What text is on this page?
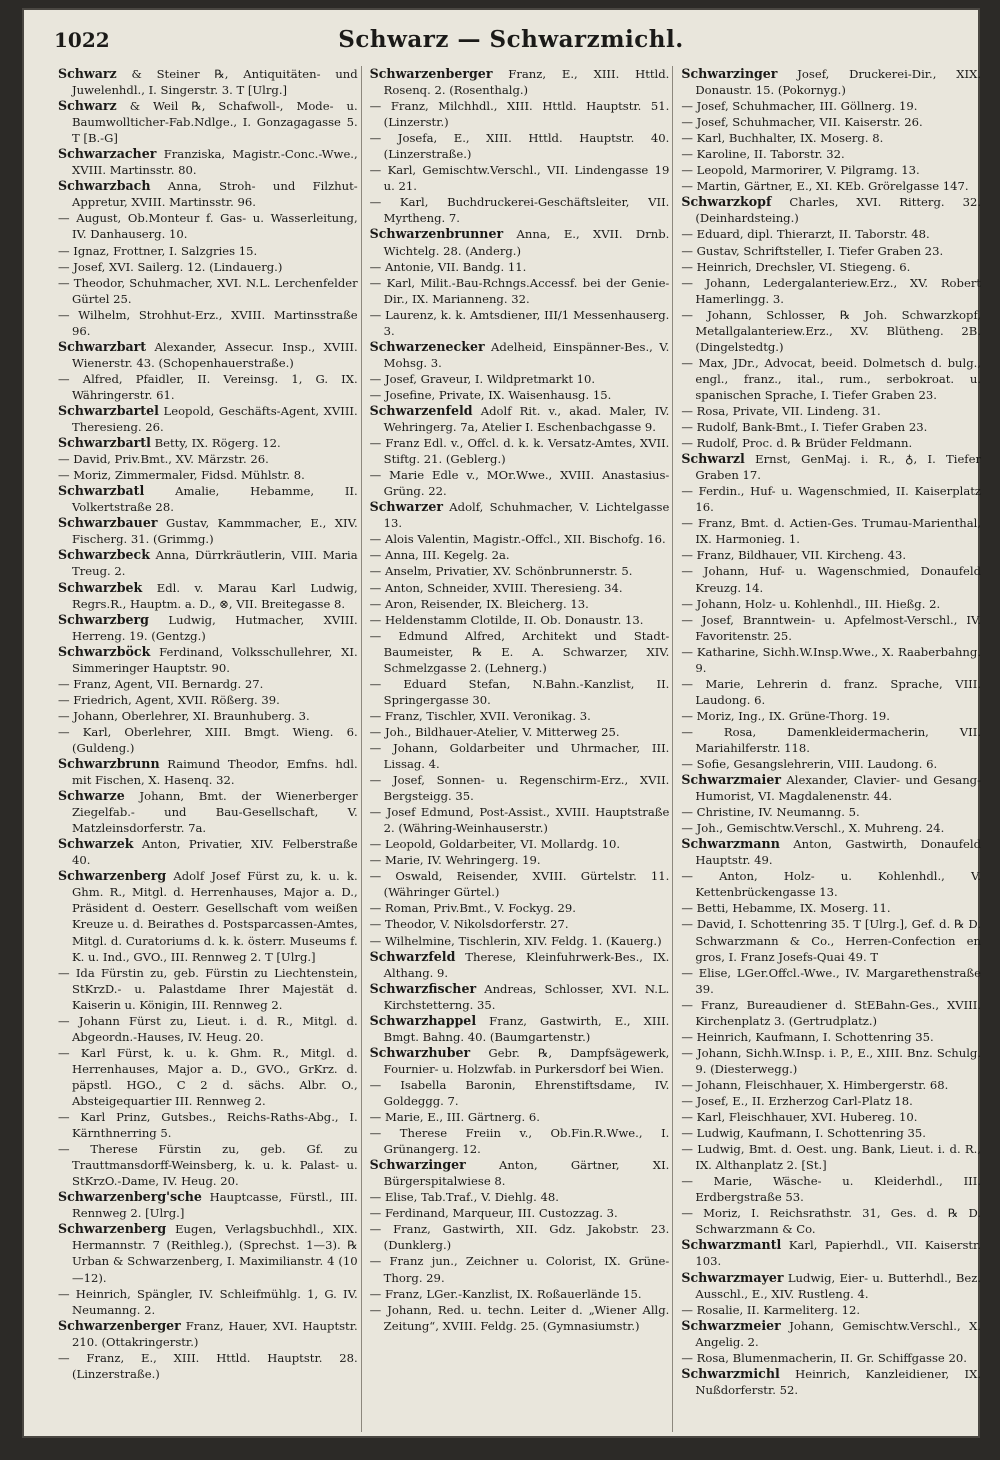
1022	Schwarz — Schwarzmichl.

Schwarz & Steiner ℞, Antiquitäten- und Juwelenhdl., I. Singerstr. 3. T [Ulrg.]

Schwarz & Weil ℞, Schafwoll-, Mode- u. Baumwollticher-Fab.Ndlge., I. Gonzagagasse 5. T [B.-G]

Schwarzacher Franziska, Magistr.-Conc.-Wwe., XVIII. Martinsstr. 80.

Schwarzbach Anna, Stroh- und Filzhut-Appretur, XVIII. Martinsstr. 96.

— August, Ob.Monteur f. Gas- u. Wasserleitung, IV. Danhauserg. 10.

— Ignaz, Frottner, I. Salzgries 15.

— Josef, XVI. Sailerg. 12. (Lindauerg.)

— Theodor, Schuhmacher, XVI. N.L. Lerchenfelder Gürtel 25.

— Wilhelm, Strohhut-Erz., XVIII. Martinsstraße 96.

Schwarzbart Alexander, Assecur. Insp., XVIII. Wienerstr. 43. (Schopenhauerstraße.)

— Alfred, Pfaidler, II. Vereinsg. 1, G. IX. Währingerstr. 61.

Schwarzbartel Leopold, Geschäfts-Agent, XVIII. Theresieng. 26.

Schwarzbartl Betty, IX. Rögerg. 12.

— David, Priv.Bmt., XV. Märzstr. 26.

— Moriz, Zimmermaler, Fidsd. Mühlstr. 8.

Schwarzbatl Amalie, Hebamme, II. Volkertstraße 28.

Schwarzbauer Gustav, Kammmacher, E., XIV. Fischerg. 31. (Grimmg.)

Schwarzbeck Anna, Dürrkräutlerin, VIII. Maria Treug. 2.

Schwarzbek Edl. v. Marau Karl Ludwig, Regrs.R., Hauptm. a. D., ⊗, VII. Breitegasse 8.

Schwarzberg Ludwig, Hutmacher, XVIII. Herreng. 19. (Gentzg.)

Schwarzböck Ferdinand, Volksschullehrer, XI. Simmeringer Hauptstr. 90.

— Franz, Agent, VII. Bernardg. 27.

— Friedrich, Agent, XVII. Rößerg. 39.

— Johann, Oberlehrer, XI. Braunhuberg. 3.

— Karl, Oberlehrer, XIII. Bmgt. Wieng. 6. (Guldeng.)

Schwarzbrunn Raimund Theodor, Emfns. hdl. mit Fischen, X. Hasenq. 32.

Schwarze Johann, Bmt. der Wienerberger Ziegelfab.- und Bau-Gesellschaft, V. Matzleinsdorferstr. 7a.

Schwarzek Anton, Privatier, XIV. Felberstraße 40.

Schwarzenberg Adolf Josef Fürst zu, k. u. k. Ghm. R., Mitgl. d. Herrenhauses, Major a. D., Präsident d. Oesterr. Gesellschaft vom weißen Kreuze u. d. Beirathes d. Postsparcassen-Amtes, Mitgl. d. Curatoriums d. k. k. österr. Museums f. K. u. Ind., GVO., III. Rennweg 2. T [Ulrg.]

— Ida Fürstin zu, geb. Fürstin zu Liechtenstein, StKrzD.- u. Palastdame Ihrer Majestät d. Kaiserin u. Königin, III. Rennweg 2.

— Johann Fürst zu, Lieut. i. d. R., Mitgl. d. Abgeordn.-Hauses, IV. Heug. 20.

— Karl Fürst, k. u. k. Ghm. R., Mitgl. d. Herrenhauses, Major a. D., GVO., GrKrz. d. päpstl. HGO., C 2 d. sächs. Albr. O., Absteigequartier III. Rennweg 2.

— Karl Prinz, Gutsbes., Reichs-Raths-Abg., I. Kärnthnerring 5.

— Therese Fürstin zu, geb. Gf. zu Trauttmansdorff-Weinsberg, k. u. k. Palast- u. StKrzO.-Dame, IV. Heug. 20.

Schwarzenberg'sche Hauptcasse, Fürstl., III. Rennweg 2. [Ulrg.]

Schwarzenberg Eugen, Verlagsbuchhdl., XIX. Hermannstr. 7 (Reithleg.), (Sprechst. 1—3). ℞ Urban & Schwarzenberg, I. Maximilianstr. 4 (10—12).

— Heinrich, Spängler, IV. Schleifmühlg. 1, G. IV. Neumanng. 2.

Schwarzenberger Franz, Hauer, XVI. Hauptstr. 210. (Ottakringerstr.)

— Franz, E., XIII. Httld. Hauptstr. 28. (Linzerstraße.)

Schwarzenberger Franz, E., XIII. Httld. Rosenq. 2. (Rosenthalg.)

— Franz, Milchhdl., XIII. Httld. Hauptstr. 51. (Linzerstr.)

— Josefa, E., XIII. Httld. Hauptstr. 40. (Linzerstraße.)

— Karl, Gemischtw.Verschl., VII. Lindengasse 19 u. 21.

— Karl, Buchdruckerei-Geschäftsleiter, VII. Myrtheng. 7.

Schwarzenbrunner Anna, E., XVII. Drnb. Wichtelg. 28. (Anderg.)

— Antonie, VII. Bandg. 11.

— Karl, Milit.-Bau-Rchngs.Accessf. bei der Genie-Dir., IX. Marianneng. 32.

— Laurenz, k. k. Amtsdiener, III/1 Messenhauserg. 3.

Schwarzenecker Adelheid, Einspänner-Bes., V. Mohsg. 3.

— Josef, Graveur, I. Wildpretmarkt 10.

— Josefine, Private, IX. Waisenhausg. 15.

Schwarzenfeld Adolf Rit. v., akad. Maler, IV. Wehringerg. 7a, Atelier I. Eschenbachgasse 9.

— Franz Edl. v., Offcl. d. k. k. Versatz-Amtes, XVII. Stiftg. 21. (Geblerg.)

— Marie Edle v., MOr.Wwe., XVIII. Anastasius-Grüng. 22.

Schwarzer Adolf, Schuhmacher, V. Lichtelgasse 13.

— Alois Valentin, Magistr.-Offcl., XII. Bischofg. 16.

— Anna, III. Kegelg. 2a.

— Anselm, Privatier, XV. Schönbrunnerstr. 5.

— Anton, Schneider, XVIII. Theresieng. 34.

— Aron, Reisender, IX. Bleicherg. 13.

— Heldenstamm Clotilde, II. Ob. Donaustr. 13.

— Edmund Alfred, Architekt und Stadt-Baumeister, ℞ E. A. Schwarzer, XIV. Schmelzgasse 2. (Lehnerg.)

— Eduard Stefan, N.Bahn.-Kanzlist, II. Springergasse 30.

— Franz, Tischler, XVII. Veronikag. 3.

— Joh., Bildhauer-Atelier, V. Mitterweg 25.

— Johann, Goldarbeiter und Uhrmacher, III. Lissag. 4.

— Josef, Sonnen- u. Regenschirm-Erz., XVII. Bergsteigg. 35.

— Josef Edmund, Post-Assist., XVIII. Hauptstraße 2. (Währing-Weinhauserstr.)

— Leopold, Goldarbeiter, VI. Mollardg. 10.

— Marie, IV. Wehringerg. 19.

— Oswald, Reisender, XVIII. Gürtelstr. 11. (Währinger Gürtel.)

— Roman, Priv.Bmt., V. Fockyg. 29.

— Theodor, V. Nikolsdorferstr. 27.

— Wilhelmine, Tischlerin, XIV. Feldg. 1. (Kauerg.)

Schwarzfeld Therese, Kleinfuhrwerk-Bes., IX. Althang. 9.

Schwarzfischer Andreas, Schlosser, XVI. N.L. Kirchstetterng. 35.

Schwarzhappel Franz, Gastwirth, E., XIII. Bmgt. Bahng. 40. (Baumgartenstr.)

Schwarzhuber Gebr. ℞, Dampfsägewerk, Fournier- u. Holzwfab. in Purkersdorf bei Wien.

— Isabella Baronin, Ehrenstiftsdame, IV. Goldeggg. 7.

— Marie, E., III. Gärtnerg. 6.

— Therese Freiin v., Ob.Fin.R.Wwe., I. Grünangerg. 12.

Schwarzinger Anton, Gärtner, XI. Bürgerspitalwiese 8.

— Elise, Tab.Traf., V. Diehlg. 48.

— Ferdinand, Marqueur, III. Custozzag. 3.

— Franz, Gastwirth, XII. Gdz. Jakobstr. 23. (Dunklerg.)

— Franz jun., Zeichner u. Colorist, IX. Grüne-Thorg. 29.

— Franz, LGer.-Kanzlist, IX. Roßauerlände 15.

— Johann, Red. u. techn. Leiter d. „Wiener Allg. Zeitung“, XVIII. Feldg. 25. (Gymnasiumstr.)

Schwarzinger Josef, Druckerei-Dir., XIX. Donaustr. 15. (Pokornyg.)

— Josef, Schuhmacher, III. Göllnerg. 19.

— Josef, Schuhmacher, VII. Kaiserstr. 26.

— Karl, Buchhalter, IX. Moserg. 8.

— Karoline, II. Taborstr. 32.

— Leopold, Marmorirer, V. Pilgramg. 13.

— Martin, Gärtner, E., XI. KEb. Grörelgasse 147.

Schwarzkopf Charles, XVI. Ritterg. 32. (Deinhardsteing.)

— Eduard, dipl. Thierarzt, II. Taborstr. 48.

— Gustav, Schriftsteller, I. Tiefer Graben 23.

— Heinrich, Drechsler, VI. Stiegeng. 6.

— Johann, Ledergalanteriew.Erz., XV. Robert Hamerlingg. 3.

— Johann, Schlosser, ℞ Joh. Schwarzkopf, Metallgalanteriew.Erz., XV. Blütheng. 2B. (Dingelstedtg.)

— Max, JDr., Advocat, beeid. Dolmetsch d. bulg., engl., franz., ital., rum., serbokroat. u. spanischen Sprache, I. Tiefer Graben 23.

— Rosa, Private, VII. Lindeng. 31.

— Rudolf, Bank-Bmt., I. Tiefer Graben 23.

— Rudolf, Proc. d. ℞ Brüder Feldmann.

Schwarzl Ernst, GenMaj. i. R., ♁, I. Tiefer Graben 17.

— Ferdin., Huf- u. Wagenschmied, II. Kaiserplatz 16.

— Franz, Bmt. d. Actien-Ges. Trumau-Marienthal, IX. Harmonieg. 1.

— Franz, Bildhauer, VII. Kircheng. 43.

— Johann, Huf- u. Wagenschmied, Donaufeld Kreuzg. 14.

— Johann, Holz- u. Kohlenhdl., III. Hießg. 2.

— Josef, Branntwein- u. Apfelmost-Verschl., IV. Favoritenstr. 25.

— Katharine, Sichh.W.Insp.Wwe., X. Raaberbahng. 9.

— Marie, Lehrerin d. franz. Sprache, VIII. Laudong. 6.

— Moriz, Ing., IX. Grüne-Thorg. 19.

— Rosa, Damenkleidermacherin, VII. Mariahilferstr. 118.

— Sofie, Gesangslehrerin, VIII. Laudong. 6.

Schwarzmaier Alexander, Clavier- und Gesang-Humorist, VI. Magdalenenstr. 44.

— Christine, IV. Neumanng. 5.

— Joh., Gemischtw.Verschl., X. Muhreng. 24.

Schwarzmann Anton, Gastwirth, Donaufeld Hauptstr. 49.

— Anton, Holz- u. Kohlenhdl., V. Kettenbrückengasse 13.

— Betti, Hebamme, IX. Moserg. 11.

— David, I. Schottenring 35. T [Ulrg.], Gef. d. ℞ D. Schwarzmann & Co., Herren-Confection en gros, I. Franz Josefs-Quai 49. T

— Elise, LGer.Offcl.-Wwe., IV. Margarethenstraße 39.

— Franz, Bureaudiener d. StEBahn-Ges., XVIII. Kirchenplatz 3. (Gertrudplatz.)

— Heinrich, Kaufmann, I. Schottenring 35.

— Johann, Sichh.W.Insp. i. P., E., XIII. Bnz. Schulg. 9. (Diesterwegg.)

— Johann, Fleischhauer, X. Himbergerstr. 68.

— Josef, E., II. Erzherzog Carl-Platz 18.

— Karl, Fleischhauer, XVI. Hubereg. 10.

— Ludwig, Kaufmann, I. Schottenring 35.

— Ludwig, Bmt. d. Oest. ung. Bank, Lieut. i. d. R., IX. Althanplatz 2. [St.]

— Marie, Wäsche- u. Kleiderhdl., III. Erdbergstraße 53.

— Moriz, I. Reichsrathstr. 31, Ges. d. ℞ D. Schwarzmann & Co.

Schwarzmantl Karl, Papierhdl., VII. Kaiserstr. 103.

Schwarzmayer Ludwig, Eier- u. Butterhdl., Bez. Ausschl., E., XIV. Rustleng. 4.

— Rosalie, II. Karmeliterg. 12.

Schwarzmeier Johann, Gemischtw.Verschl., X. Angelig. 2.

— Rosa, Blumenmacherin, II. Gr. Schiffgasse 20.

Schwarzmichl Heinrich, Kanzleidiener, IX. Nußdorferstr. 52.
